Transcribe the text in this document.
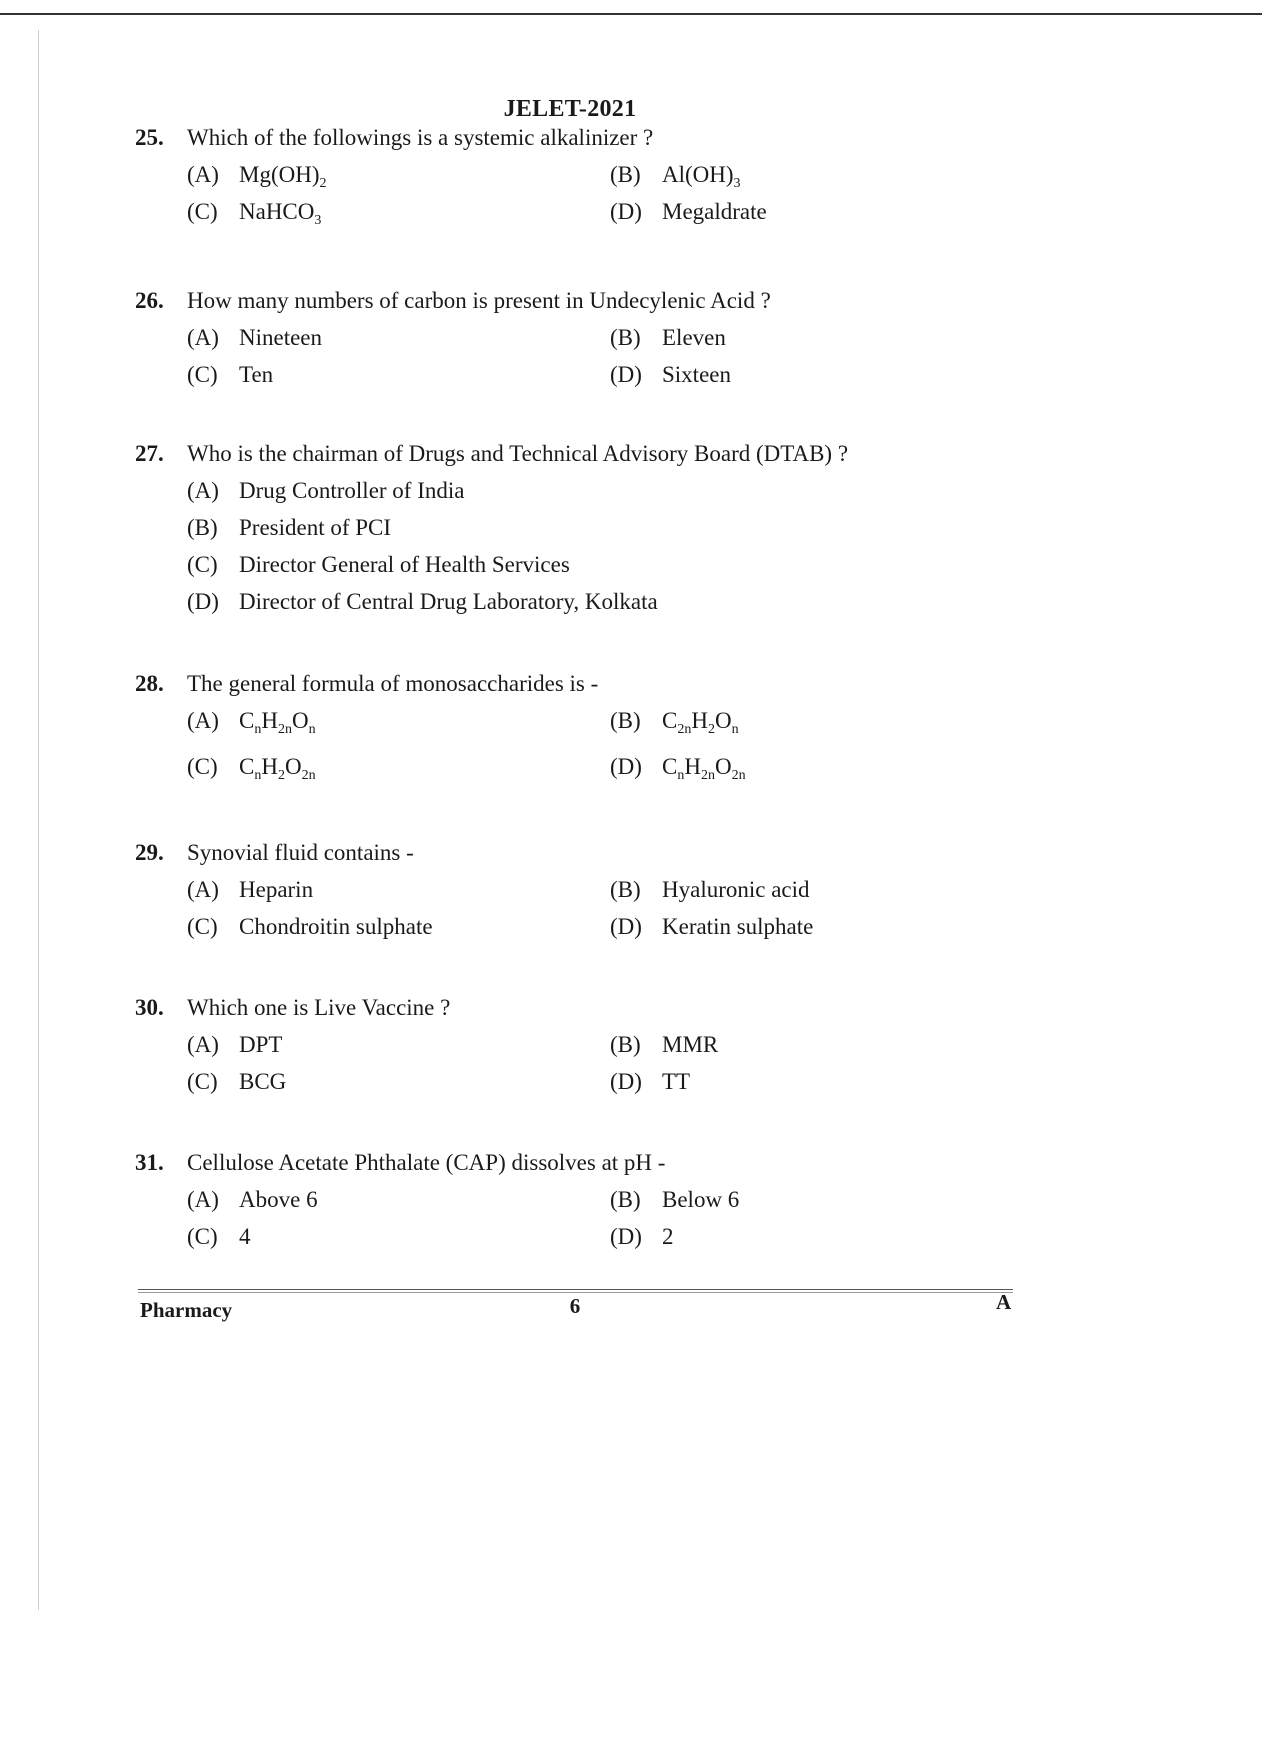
JELET-2021
25.	Which of the followings is a systemic alkalinizer ?
(A) $Mg(OH)_2$	(B) $Al(OH)_3$
(C) NaHCO$_3$	(D) Megaldrate
26.	How many numbers of carbon is present in Undecylenic Acid ?
(A) Nineteen	(B) Eleven
(C) Ten	(D) Sixteen
27.	Who is the chairman of Drugs and Technical Advisory Board (DTAB) ?
(A) Drug Controller of India
(B) President of PCI
(C) Director General of Health Services
(D) Director of Central Drug Laboratory, Kolkata
28.	The general formula of monosaccharides is -
(A) $C_nH_{2n}O_n$	(B) $C_{2n}H_2O_n$
(C) $C_nH_2O_{2n}$	(D) $C_nH_{2n}O_{2n}$
29.	Synovial fluid contains -
(A) Heparin	(B) Hyaluronic acid
(C) Chondroitin sulphate	(D) Keratin sulphate
30.	Which one is Live Vaccine ?
(A) DPT	(B) MMR
(C) BCG	(D) TT
31.	Cellulose Acetate Phthalate (CAP) dissolves at pH -
(A) Above 6	(B) Below 6
(C) 4	(D) 2
Pharmacy	6	A
